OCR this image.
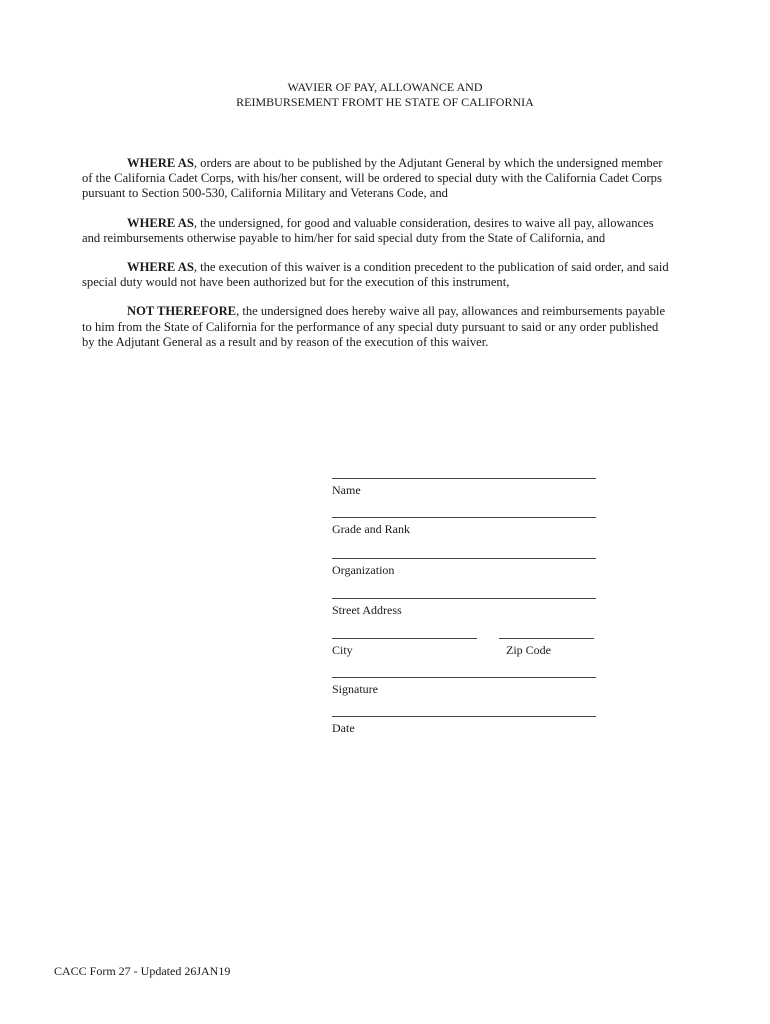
WAVIER OF PAY, ALLOWANCE AND
REIMBURSEMENT FROMT HE STATE OF CALIFORNIA

WHERE AS, orders are about to be published by the Adjutant General by which the undersigned member of the California Cadet Corps, with his/her consent, will be ordered to special duty with the California Cadet Corps pursuant to Section 500-530, California Military and Veterans Code, and

WHERE AS, the undersigned, for good and valuable consideration, desires to waive all pay, allowances and reimbursements otherwise payable to him/her for said special duty from the State of California, and

WHERE AS, the execution of this waiver is a condition precedent to the publication of said order, and said special duty would not have been authorized but for the execution of this instrument,

NOT THEREFORE, the undersigned does hereby waive all pay, allowances and reimbursements payable to him from the State of California for the performance of any special duty pursuant to said or any order published by the Adjutant General as a result and by reason of the execution of this waiver.

Name
Grade and Rank
Organization
Street Address
City	Zip Code
Signature
Date
CACC Form 27 - Updated 26JAN19
